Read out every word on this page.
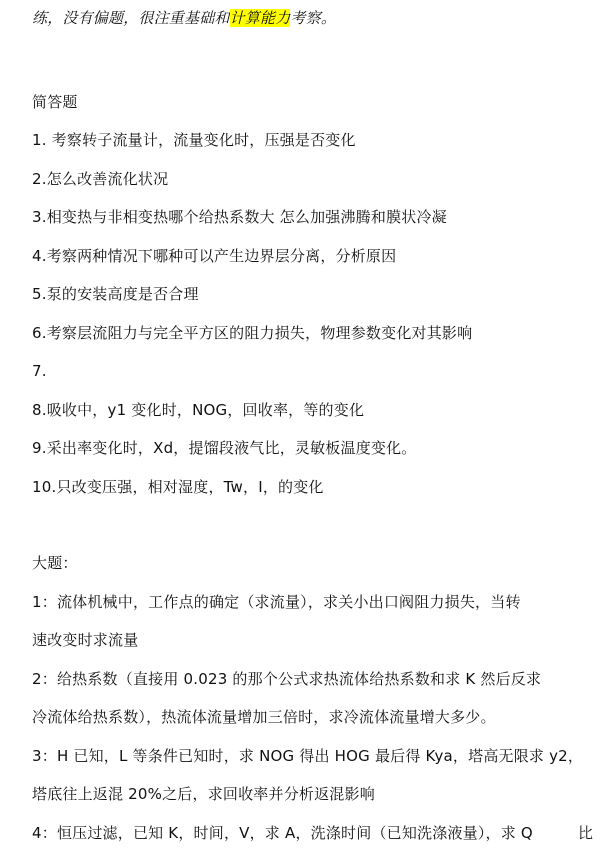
练，没有偏题，很注重基础和计算能力考察。
简答题
1. 考察转子流量计，流量变化时，压强是否变化
2.怎么改善流化状况
3.相变热与非相变热哪个给热系数大 怎么加强沸腾和膜状冷凝
4.考察两种情况下哪种可以产生边界层分离，分析原因
5.泵的安装高度是否合理
6.考察层流阻力与完全平方区的阻力损失，物理参数变化对其影响
7.
8.吸收中，y1 变化时，NOG，回收率，等的变化
9.采出率变化时，Xd，提馏段液气比，灵敏板温度变化。
10.只改变压强，相对湿度，Tw，I，的变化
大题：
1：流体机械中，工作点的确定（求流量），求关小出口阀阻力损失，当转
速改变时求流量
2：给热系数（直接用 0.023 的那个公式求热流体给热系数和求 K 然后反求
冷流体给热系数），热流体流量增加三倍时，求冷流体流量增大多少。
3：H 已知，L 等条件已知时，求 NOG 得出 HOG 最后得 Kya，塔高无限求 y2，
塔底往上返混 20%之后，求回收率并分析返混影响
4：恒压过滤，已知 K，时间，V，求 A，洗涤时间（已知洗涤液量），求 Q	比
